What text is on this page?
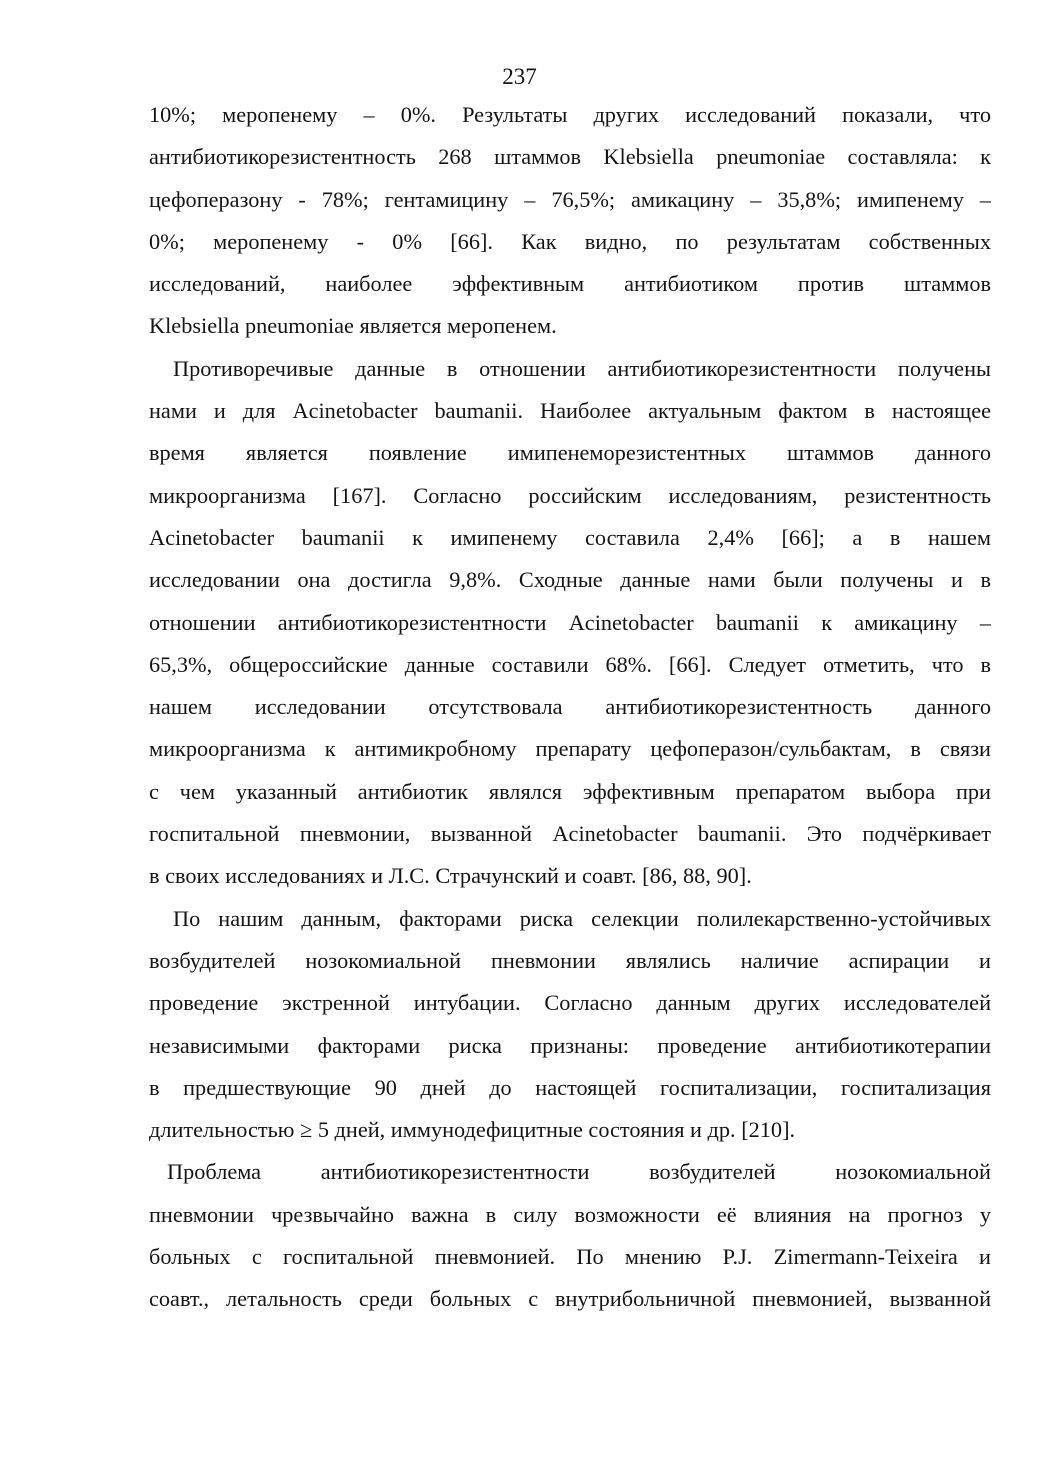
237
10%; меропенему – 0%. Результаты других исследований показали, что
антибиотикорезистентность 268 штаммов Klebsiella pneumoniae составляла: к
цефоперазону - 78%; гентамицину – 76,5%; амикацину – 35,8%; имипенему –
0%; меропенему - 0% [66]. Как видно, по результатам собственных
исследований, наиболее эффективным антибиотиком против штаммов
Klebsiella pneumoniae является меропенем.
Противоречивые данные в отношении антибиотикорезистентности получены
нами и для Acinetobacter baumanii. Наиболее актуальным фактом в настоящее
время является появление имипенеморезистентных штаммов данного
микроорганизма [167]. Согласно российским исследованиям, резистентность
Acinetobacter baumanii к имипенему составила 2,4% [66]; а в нашем
исследовании она достигла 9,8%. Сходные данные нами были получены и в
отношении антибиотикорезистентности Acinetobacter baumanii к амикацину –
65,3%, общероссийские данные составили 68%. [66]. Следует отметить, что в
нашем исследовании отсутствовала антибиотикорезистентность данного
микроорганизма к антимикробному препарату цефоперазон/сульбактам, в связи
с чем указанный антибиотик являлся эффективным препаратом выбора при
госпитальной пневмонии, вызванной Acinetobacter baumanii. Это подчёркивает
в своих исследованиях и Л.С. Страчунский и соавт. [86, 88, 90].
По нашим данным, факторами риска селекции полилекарственно-устойчивых
возбудителей нозокомиальной пневмонии являлись наличие аспирации и
проведение экстренной интубации. Согласно данным других исследователей
независимыми факторами риска признаны: проведение антибиотикотерапии
в предшествующие 90 дней до настоящей госпитализации, госпитализация
длительностью ≥ 5 дней, иммунодефицитные состояния и др. [210].
Проблема антибиотикорезистентности возбудителей нозокомиальной
пневмонии чрезвычайно важна в силу возможности её влияния на прогноз у
больных с госпитальной пневмонией. По мнению P.J. Zimermann-Teixeira и
соавт., летальность среди больных с внутрибольничной пневмонией, вызванной
